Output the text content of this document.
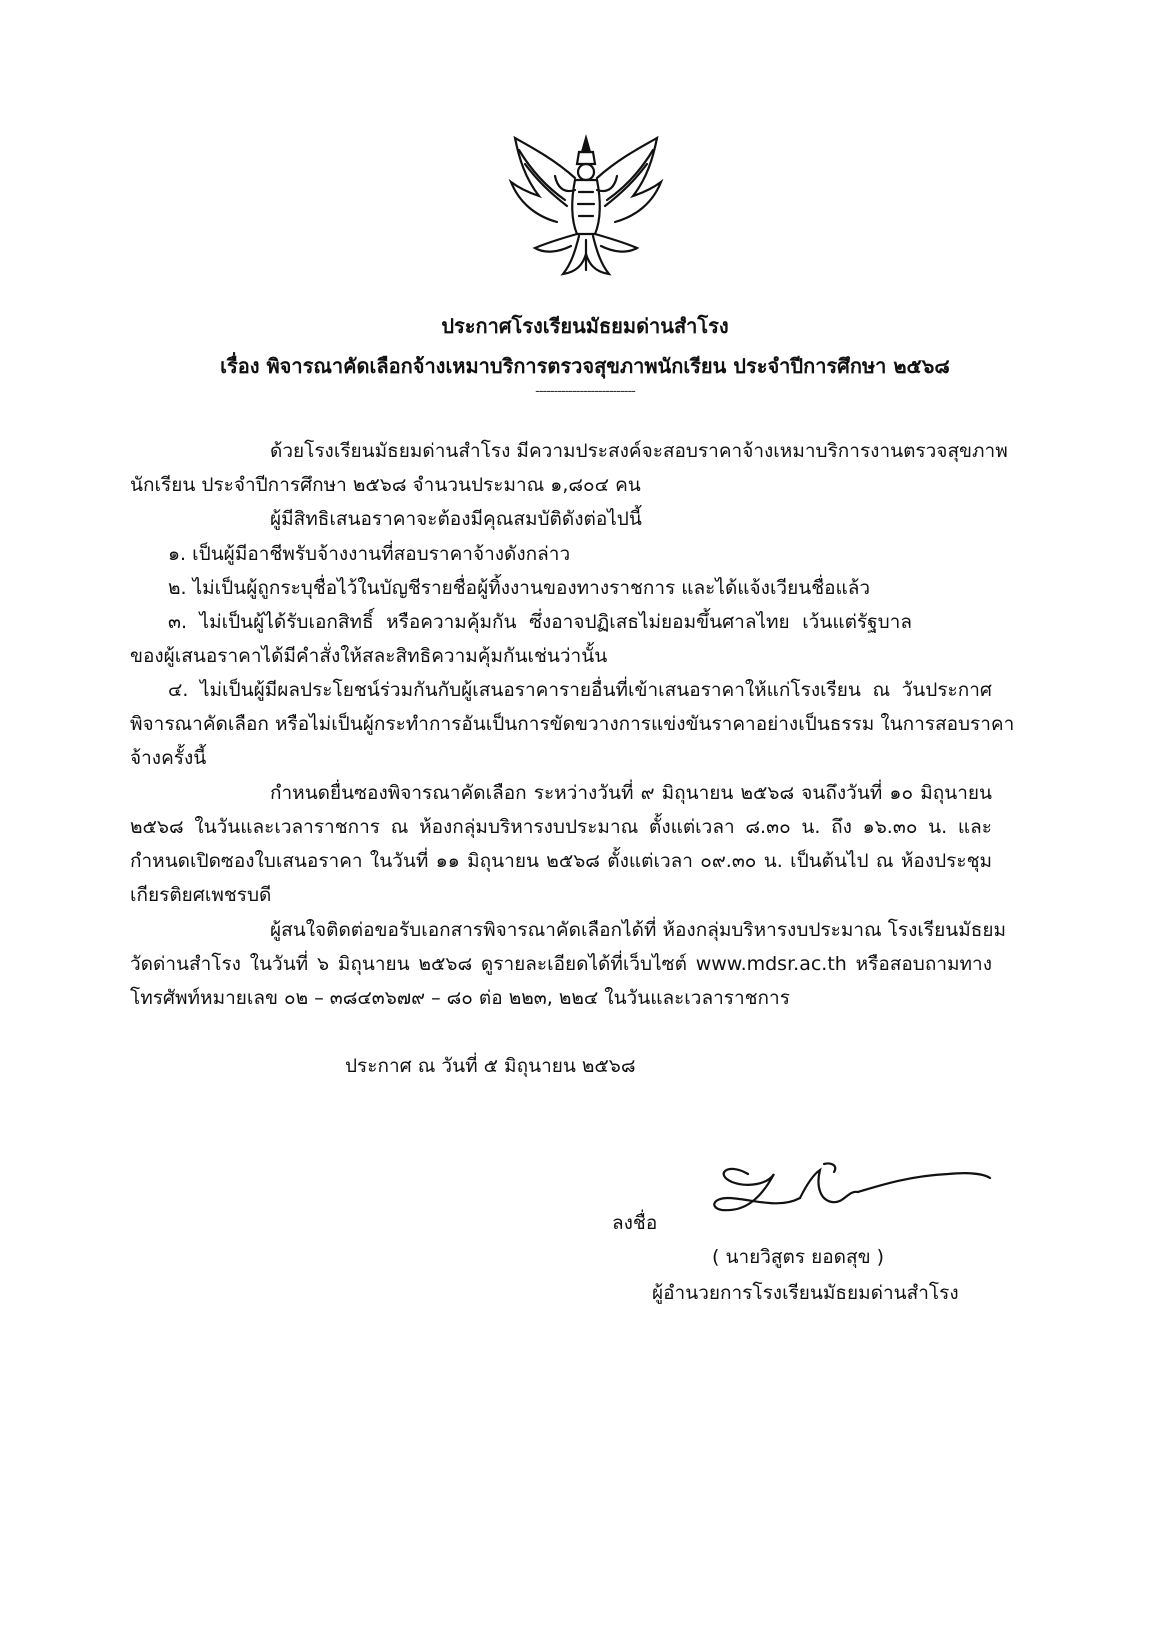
ประกาศโรงเรียนมัธยมด่านสำโรง
เรื่อง พิจารณาคัดเลือกจ้างเหมาบริการตรวจสุขภาพนักเรียน ประจำปีการศึกษา ๒๕๖๘
---------------------------
ด้วยโรงเรียนมัธยมด่านสำโรง มีความประสงค์จะสอบราคาจ้างเหมาบริการงานตรวจสุขภาพ
นักเรียน ประจำปีการศึกษา ๒๕๖๘ จำนวนประมาณ ๑,๘๐๔ คน
ผู้มีสิทธิเสนอราคาจะต้องมีคุณสมบัติดังต่อไปนี้
๑. เป็นผู้มีอาชีพรับจ้างงานที่สอบราคาจ้างดังกล่าว
๒. ไม่เป็นผู้ถูกระบุชื่อไว้ในบัญชีรายชื่อผู้ทิ้งงานของทางราชการ และได้แจ้งเวียนชื่อแล้ว
๓. ไม่เป็นผู้ได้รับเอกสิทธิ์ หรือความคุ้มกัน ซึ่งอาจปฏิเสธไม่ยอมขึ้นศาลไทย เว้นแต่รัฐบาล
ของผู้เสนอราคาได้มีคำสั่งให้สละสิทธิความคุ้มกันเช่นว่านั้น
๔. ไม่เป็นผู้มีผลประโยชน์ร่วมกันกับผู้เสนอราคารายอื่นที่เข้าเสนอราคาให้แก่โรงเรียน ณ วันประกาศ
พิจารณาคัดเลือก หรือไม่เป็นผู้กระทำการอันเป็นการขัดขวางการแข่งขันราคาอย่างเป็นธรรม ในการสอบราคา
จ้างครั้งนี้
กำหนดยื่นซองพิจารณาคัดเลือก ระหว่างวันที่ ๙ มิถุนายน ๒๕๖๘ จนถึงวันที่ ๑๐ มิถุนายน
๒๕๖๘ ในวันและเวลาราชการ ณ ห้องกลุ่มบริหารงบประมาณ ตั้งแต่เวลา ๘.๓๐ น. ถึง ๑๖.๓๐ น. และ
กำหนดเปิดซองใบเสนอราคา ในวันที่ ๑๑ มิถุนายน ๒๕๖๘ ตั้งแต่เวลา ๐๙.๓๐ น. เป็นต้นไป ณ ห้องประชุม
เกียรติยศเพชรบดี
ผู้สนใจติดต่อขอรับเอกสารพิจารณาคัดเลือกได้ที่ ห้องกลุ่มบริหารงบประมาณ โรงเรียนมัธยม
วัดด่านสำโรง ในวันที่ ๖ มิถุนายน ๒๕๖๘ ดูรายละเอียดได้ที่เว็บไซต์ www.mdsr.ac.th หรือสอบถามทาง
โทรศัพท์หมายเลข ๐๒ – ๓๘๔๓๖๗๙ – ๘๐ ต่อ ๒๒๓, ๒๒๔ ในวันและเวลาราชการ
ประกาศ ณ วันที่ ๕ มิถุนายน ๒๕๖๘
ลงชื่อ
( นายวิสูตร ยอดสุข )
ผู้อำนวยการโรงเรียนมัธยมด่านสำโรง
